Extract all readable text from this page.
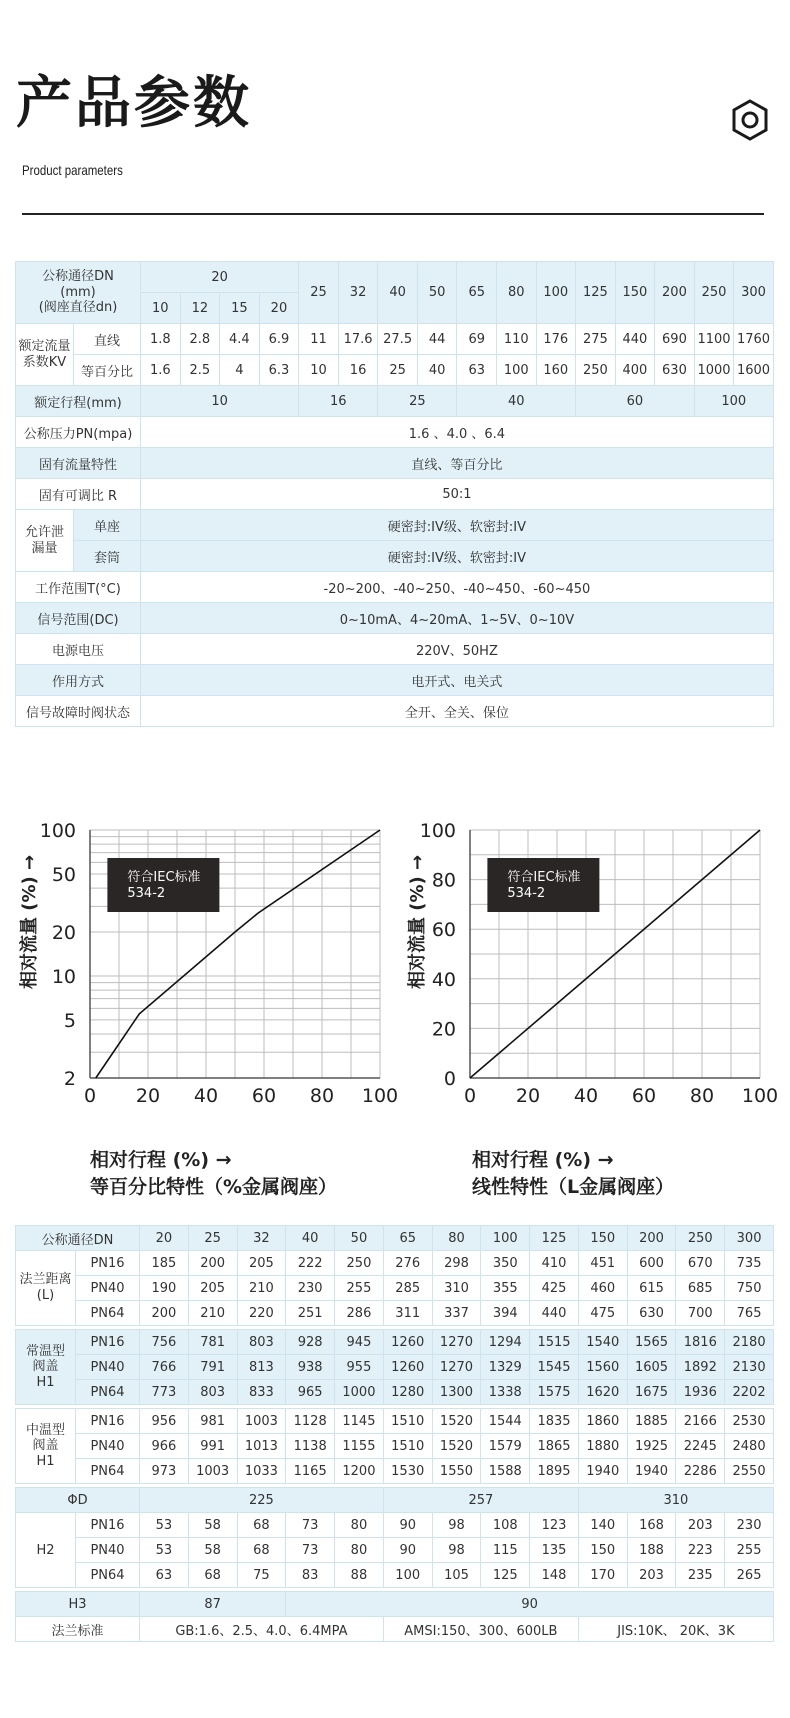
产品参数
Product parameters
公称通径DN
(mm)
(阀座直径dn)		20				25	32	40	50	65	80	100	125	150	200	250	300
		10	12	15	20												
额定流量系数KV	直线	1.8	2.8	4.4	6.9	11	17.6	27.5	44	69	110	176	275	440	690	1100	1760
	等百分比	1.6	2.5	4	6.3	10	16	25	40	63	100	160	250	400	630	1000	1600
额定行程(mm)		10				16		25		40			60			100	
公称压力PN(mpa)		1.6 、4.0 、6.4															
固有流量特性		直线、等百分比															
固有可调比 R		50:1															
允许泄漏量	单座	硬密封:IV级、软密封:IV															
	套筒	硬密封:IV级、软密封:IV															
工作范围T(°C)		-20~200、-40~250、-40~450、-60~450															
信号范围(DC)		0~10mA、4~20mA、1~5V、0~10V															
电源电压		220V、50HZ															
作用方式		电开式、电关式															
信号故障时阀状态		全开、全关、保位															
相对流量 (%) →
0 20 40 60 80 100
2
5
10
20
50
100
符合IEC标准
534-2
相对行程 (%) →
等百分比特性（%金属阀座）
相对流量 (%) →
0 20 40 60 80 100
0
20
40
60
80
100
符合IEC标准
534-2
相对行程 (%) →
线性特性（L金属阀座）
公称通径DN		20	25	32	40	50	65	80	100	125	150	200	250	300
法兰距离
(L)	PN16	185	200	205	222	250	276	298	350	410	451	600	670	735
	PN40	190	205	210	230	255	285	310	355	425	460	615	685	750
	PN64	200	210	220	251	286	311	337	394	440	475	630	700	765

常温型
阀盖
H1	PN16	756	781	803	928	945	1260	1270	1294	1515	1540	1565	1816	2180
	PN40	766	791	813	938	955	1260	1270	1329	1545	1560	1605	1892	2130
	PN64	773	803	833	965	1000	1280	1300	1338	1575	1620	1675	1936	2202

中温型
阀盖
H1	PN16	956	981	1003	1128	1145	1510	1520	1544	1835	1860	1885	2166	2530
	PN40	966	991	1013	1138	1155	1510	1520	1579	1865	1880	1925	2245	2480
	PN64	973	1003	1033	1165	1200	1530	1550	1588	1895	1940	1940	2286	2550

ΦD		225					257				310			
H2	PN16	53	58	68	73	80	90	98	108	123	140	168	203	230
	PN40	53	58	68	73	80	90	98	115	135	150	188	223	255
	PN64	63	68	75	83	88	100	105	125	148	170	203	235	265

H3		87			90									
法兰标准		GB:1.6、2.5、4.0、6.4MPA					AMSI:150、300、600LB				JIS:10K、 20K、3K			
